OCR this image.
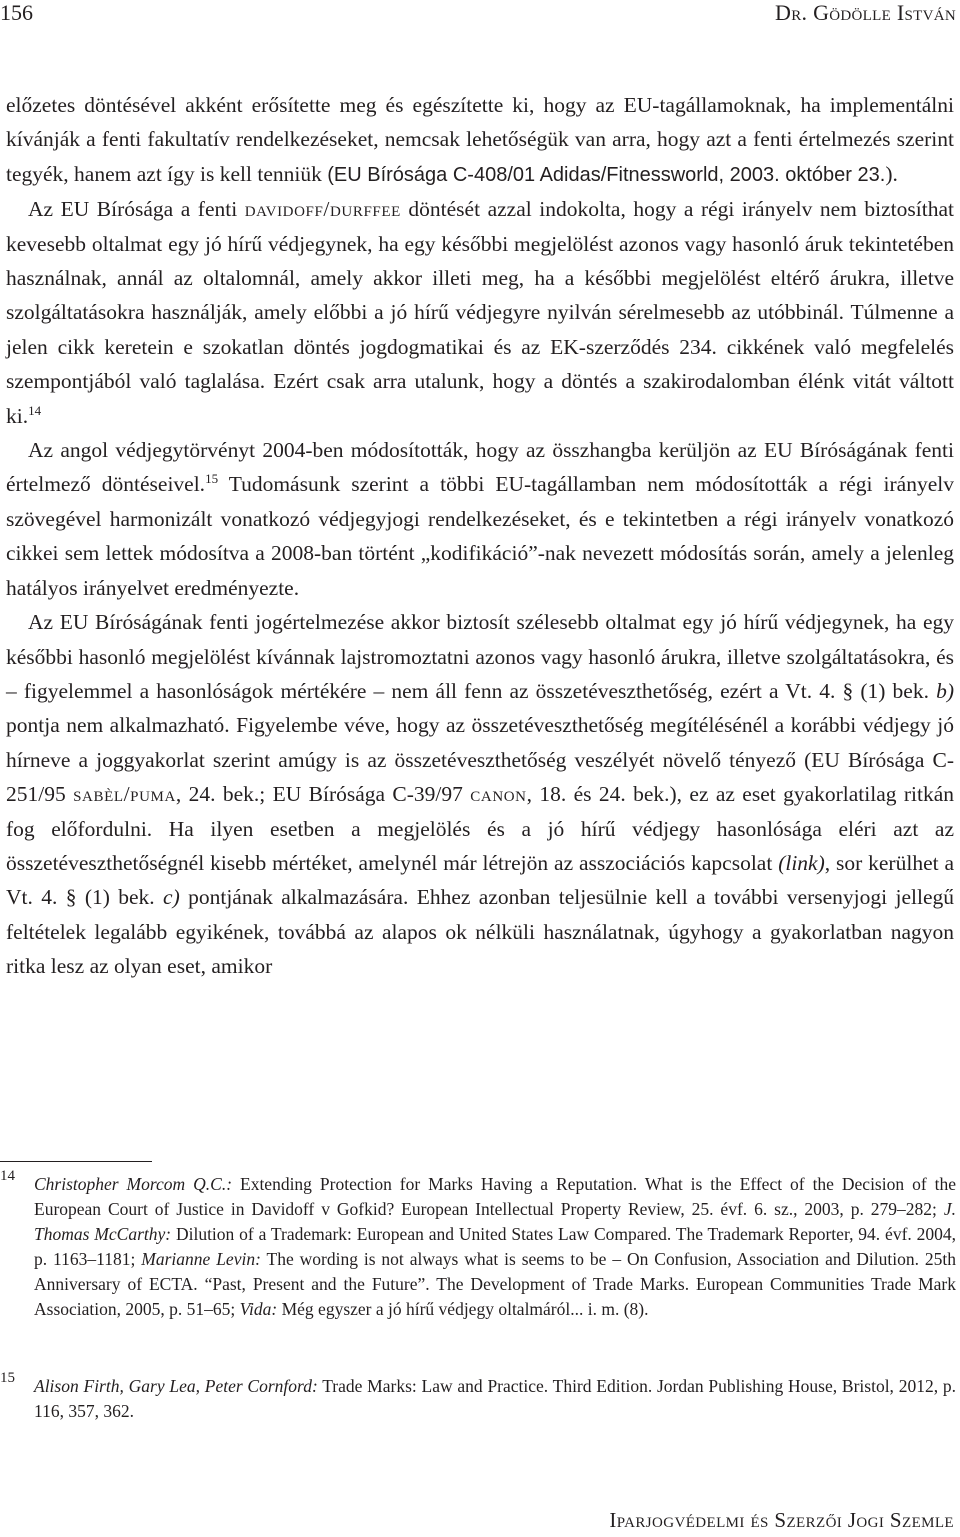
156	Dr. Gödölle István

előzetes döntésével akként erősítette meg és egészítette ki, hogy az EU-tagállamoknak, ha implementálni kívánják a fenti fakultatív rendelkezéseket, nemcsak lehetőségük van arra, hogy azt a fenti értelmezés szerint tegyék, hanem azt így is kell tenniük (EU Bírósága C-408/01 Adidas/Fitnessworld, 2003. október 23.).

Az EU Bírósága a fenti davidoff/durffee döntését azzal indokolta, hogy a régi irányelv nem biztosíthat kevesebb oltalmat egy jó hírű védjegynek, ha egy későbbi megjelölést azonos vagy hasonló áruk tekintetében használnak, annál az oltalomnál, amely akkor illeti meg, ha a későbbi megjelölést eltérő árukra, illetve szolgáltatásokra használják, amely előbbi a jó hírű védjegyre nyilván sérelmesebb az utóbbinál. Túlmenne a jelen cikk keretein e szokatlan döntés jogdogmatikai és az EK-szerződés 234. cikkének való megfelelés szempontjából való taglalása. Ezért csak arra utalunk, hogy a döntés a szakirodalomban élénk vitát váltott ki.$^{14}$

Az angol védjegytörvényt 2004-ben módosították, hogy az összhangba kerüljön az EU Bíróságának fenti értelmező döntéseivel.$^{15}$ Tudomásunk szerint a többi EU-tagállamban nem módosították a régi irányelv szövegével harmonizált vonatkozó védjegyjogi rendelkezéseket, és e tekintetben a régi irányelv vonatkozó cikkei sem lettek módosítva a 2008-ban történt „kodifikáció”-nak nevezett módosítás során, amely a jelenleg hatályos irányelvet eredményezte.

Az EU Bíróságának fenti jogértelmezése akkor biztosít szélesebb oltalmat egy jó hírű védjegynek, ha egy későbbi hasonló megjelölést kívánnak lajstromoztatni azonos vagy hasonló árukra, illetve szolgáltatásokra, és – figyelemmel a hasonlóságok mértékére – nem áll fenn az összetéveszthetőség, ezért a Vt. 4. § (1) bek. b) pontja nem alkalmazható. Figyelembe véve, hogy az összetéveszthetőség megítélésénél a korábbi védjegy jó hírneve a joggyakorlat szerint amúgy is az összetéveszthetőség veszélyét növelő tényező (EU Bírósága C-251/95 sabèl/puma, 24. bek.; EU Bírósága C-39/97 canon, 18. és 24. bek.), ez az eset gyakorlatilag ritkán fog előfordulni. Ha ilyen esetben a megjelölés és a jó hírű védjegy hasonlósága eléri azt az összetéveszthetőségnél kisebb mértéket, amelynél már létrejön az asszociációs kapcsolat (link), sor kerülhet a Vt. 4. § (1) bek. c) pontjának alkalmazására. Ehhez azonban teljesülnie kell a további versenyjogi jellegű feltételek legalább egyikének, továbbá az alapos ok nélküli használatnak, úgyhogy a gyakorlatban nagyon ritka lesz az olyan eset, amikor

14 Christopher Morcom Q.C.: Extending Protection for Marks Having a Reputation. What is the Effect of the Decision of the European Court of Justice in Davidoff v Gofkid? European Intellectual Property Review, 25. évf. 6. sz., 2003, p. 279–282; J. Thomas McCarthy: Dilution of a Trademark: European and United States Law Compared. The Trademark Reporter, 94. évf. 2004, p. 1163–1181; Marianne Levin: The wording is not always what is seems to be – On Confusion, Association and Dilution. 25th Anniversary of ECTA. “Past, Present and the Future”. The Development of Trade Marks. European Communities Trade Mark Association, 2005, p. 51–65; Vida: Még egyszer a jó hírű védjegy oltalmáról... i. m. (8).
15 Alison Firth, Gary Lea, Peter Cornford: Trade Marks: Law and Practice. Third Edition. Jordan Publishing House, Bristol, 2012, p. 116, 357, 362.
Iparjogvédelmi és Szerzői Jogi Szemle
